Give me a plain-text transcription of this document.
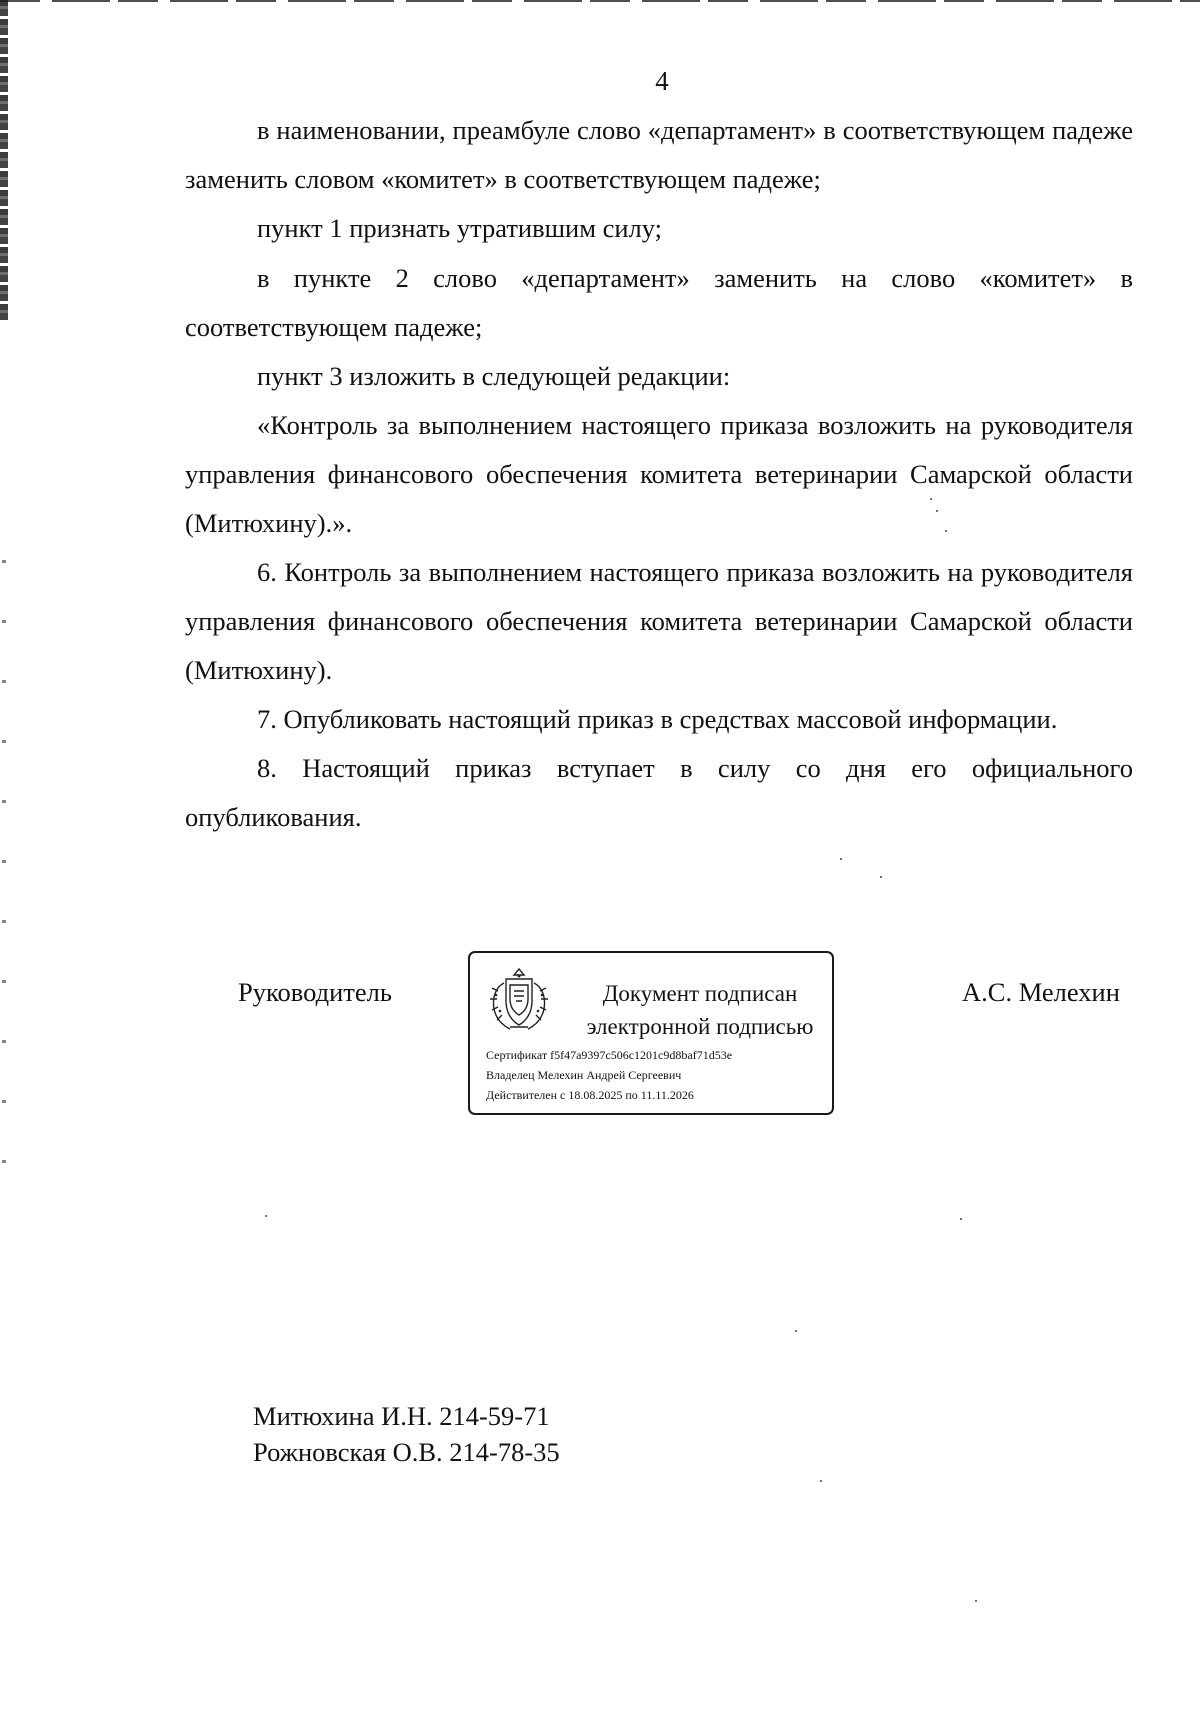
4

в наименовании, преамбуле слово «департамент» в соответствующем падеже заменить словом «комитет» в соответствующем падеже;

пункт 1 признать утратившим силу;

в пункте 2 слово «департамент» заменить на слово «комитет» в соответствующем падеже;

пункт 3 изложить в следующей редакции:

«Контроль за выполнением настоящего приказа возложить на руководителя управления финансового обеспечения комитета ветеринарии Самарской области (Митюхину).».

6. Контроль за выполнением настоящего приказа возложить на руководителя управления финансового обеспечения комитета ветеринарии Самарской области (Митюхину).

7. Опубликовать настоящий приказ в средствах массовой информации.

8. Настоящий приказ вступает в силу со дня его официального опубликования.

Руководитель	Документ подписан
электронной подписью
Сертификат f5f47a9397c506c1201c9d8baf71d53e
Владелец Мелехин Андрей Сергеевич
Действителен с 18.08.2025 по 11.11.2026
А.С. Мелехин
Митюхина И.Н. 214-59-71
Рожновская О.В. 214-78-35
